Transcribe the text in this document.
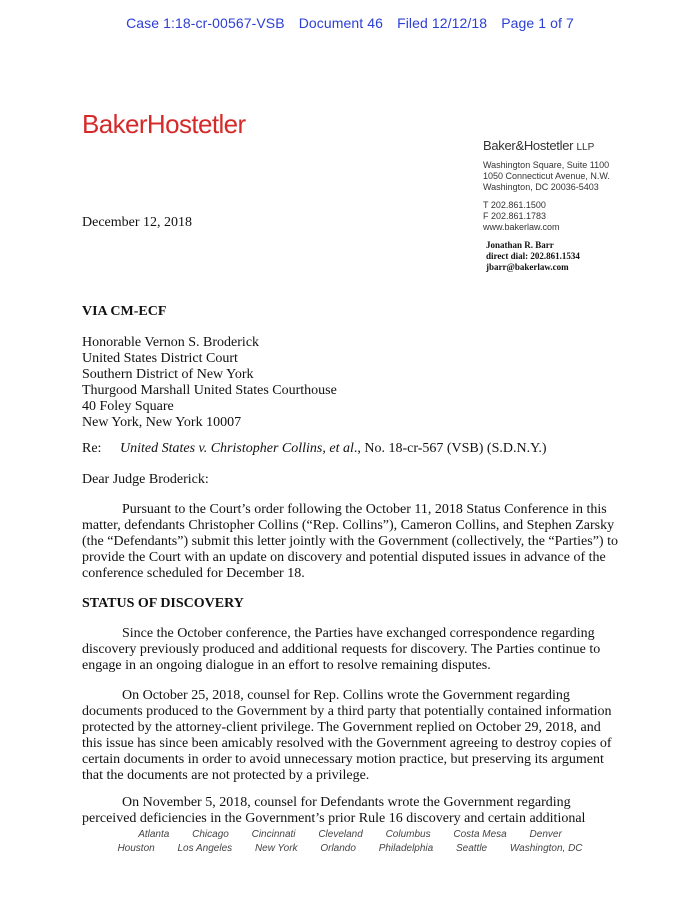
Case 1:18-cr-00567-VSB Document 46 Filed 12/12/18 Page 1 of 7
BakerHostetler
Baker&Hostetler LLP
Washington Square, Suite 1100
1050 Connecticut Avenue, N.W.
Washington, DC 20036-5403
T 202.861.1500
F 202.861.1783
www.bakerlaw.com
Jonathan R. Barr
direct dial: 202.861.1534
jbarr@bakerlaw.com
December 12, 2018
VIA CM-ECF
Honorable Vernon S. Broderick
United States District Court
Southern District of New York
Thurgood Marshall United States Courthouse
40 Foley Square
New York, New York 10007
Re: United States v. Christopher Collins, et al., No. 18-cr-567 (VSB) (S.D.N.Y.)
Dear Judge Broderick:
Pursuant to the Court’s order following the October 11, 2018 Status Conference in this matter, defendants Christopher Collins (“Rep. Collins”), Cameron Collins, and Stephen Zarsky (the “Defendants”) submit this letter jointly with the Government (collectively, the “Parties”) to provide the Court with an update on discovery and potential disputed issues in advance of the conference scheduled for December 18.
STATUS OF DISCOVERY
Since the October conference, the Parties have exchanged correspondence regarding discovery previously produced and additional requests for discovery. The Parties continue to engage in an ongoing dialogue in an effort to resolve remaining disputes.
On October 25, 2018, counsel for Rep. Collins wrote the Government regarding documents produced to the Government by a third party that potentially contained information protected by the attorney-client privilege. The Government replied on October 29, 2018, and this issue has since been amicably resolved with the Government agreeing to destroy copies of certain documents in order to avoid unnecessary motion practice, but preserving its argument that the documents are not protected by a privilege.
On November 5, 2018, counsel for Defendants wrote the Government regarding perceived deficiencies in the Government’s prior Rule 16 discovery and certain additional
Atlanta Chicago Cincinnati Cleveland Columbus Costa Mesa Denver
Houston Los Angeles New York Orlando Philadelphia Seattle Washington, DC
